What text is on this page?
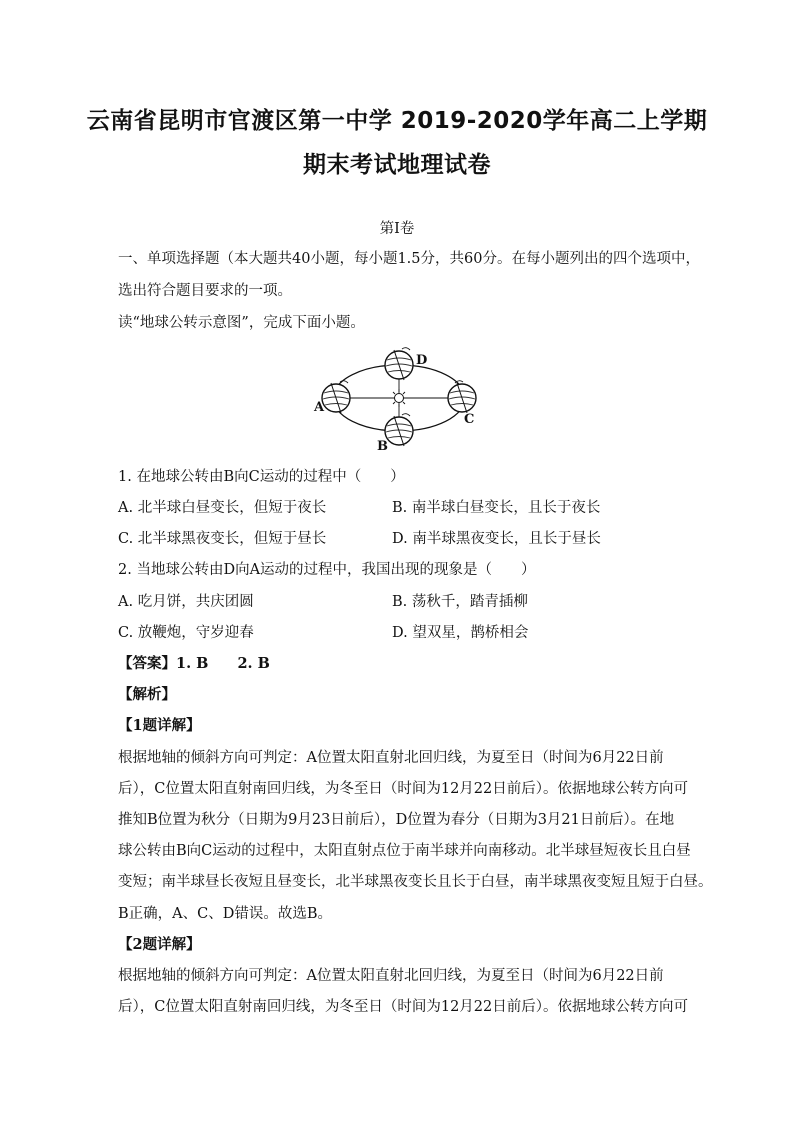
云南省昆明市官渡区第一中学 2019-2020学年高二上学期
期末考试地理试卷
第Ⅰ卷
一、单项选择题（本大题共40小题，每小题1.5分，共60分。在每小题列出的四个选项中，
选出符合题目要求的一项。
读“地球公转示意图”，完成下面小题。
A
D
C
B
1. 在地球公转由B向C运动的过程中（　　）
A. 北半球白昼变长，但短于夜长	B. 南半球白昼变长，且长于夜长
C. 北半球黑夜变长，但短于昼长	D. 南半球黑夜变长，且长于昼长
2. 当地球公转由D向A运动的过程中，我国出现的现象是（　　）
A. 吃月饼，共庆团圆	B. 荡秋千，踏青插柳
C. 放鞭炮，守岁迎春	D. 望双星，鹊桥相会
【答案】1. B　　2. B
【解析】
【1题详解】
根据地轴的倾斜方向可判定：A位置太阳直射北回归线，为夏至日（时间为6月22日前
后），C位置太阳直射南回归线，为冬至日（时间为12月22日前后）。依据地球公转方向可
推知B位置为秋分（日期为9月23日前后），D位置为春分（日期为3月21日前后）。在地
球公转由B向C运动的过程中，太阳直射点位于南半球并向南移动。北半球昼短夜长且白昼
变短；南半球昼长夜短且昼变长，北半球黑夜变长且长于白昼，南半球黑夜变短且短于白昼。
B正确，A、C、D错误。故选B。
【2题详解】
根据地轴的倾斜方向可判定：A位置太阳直射北回归线，为夏至日（时间为6月22日前
后），C位置太阳直射南回归线，为冬至日（时间为12月22日前后）。依据地球公转方向可
